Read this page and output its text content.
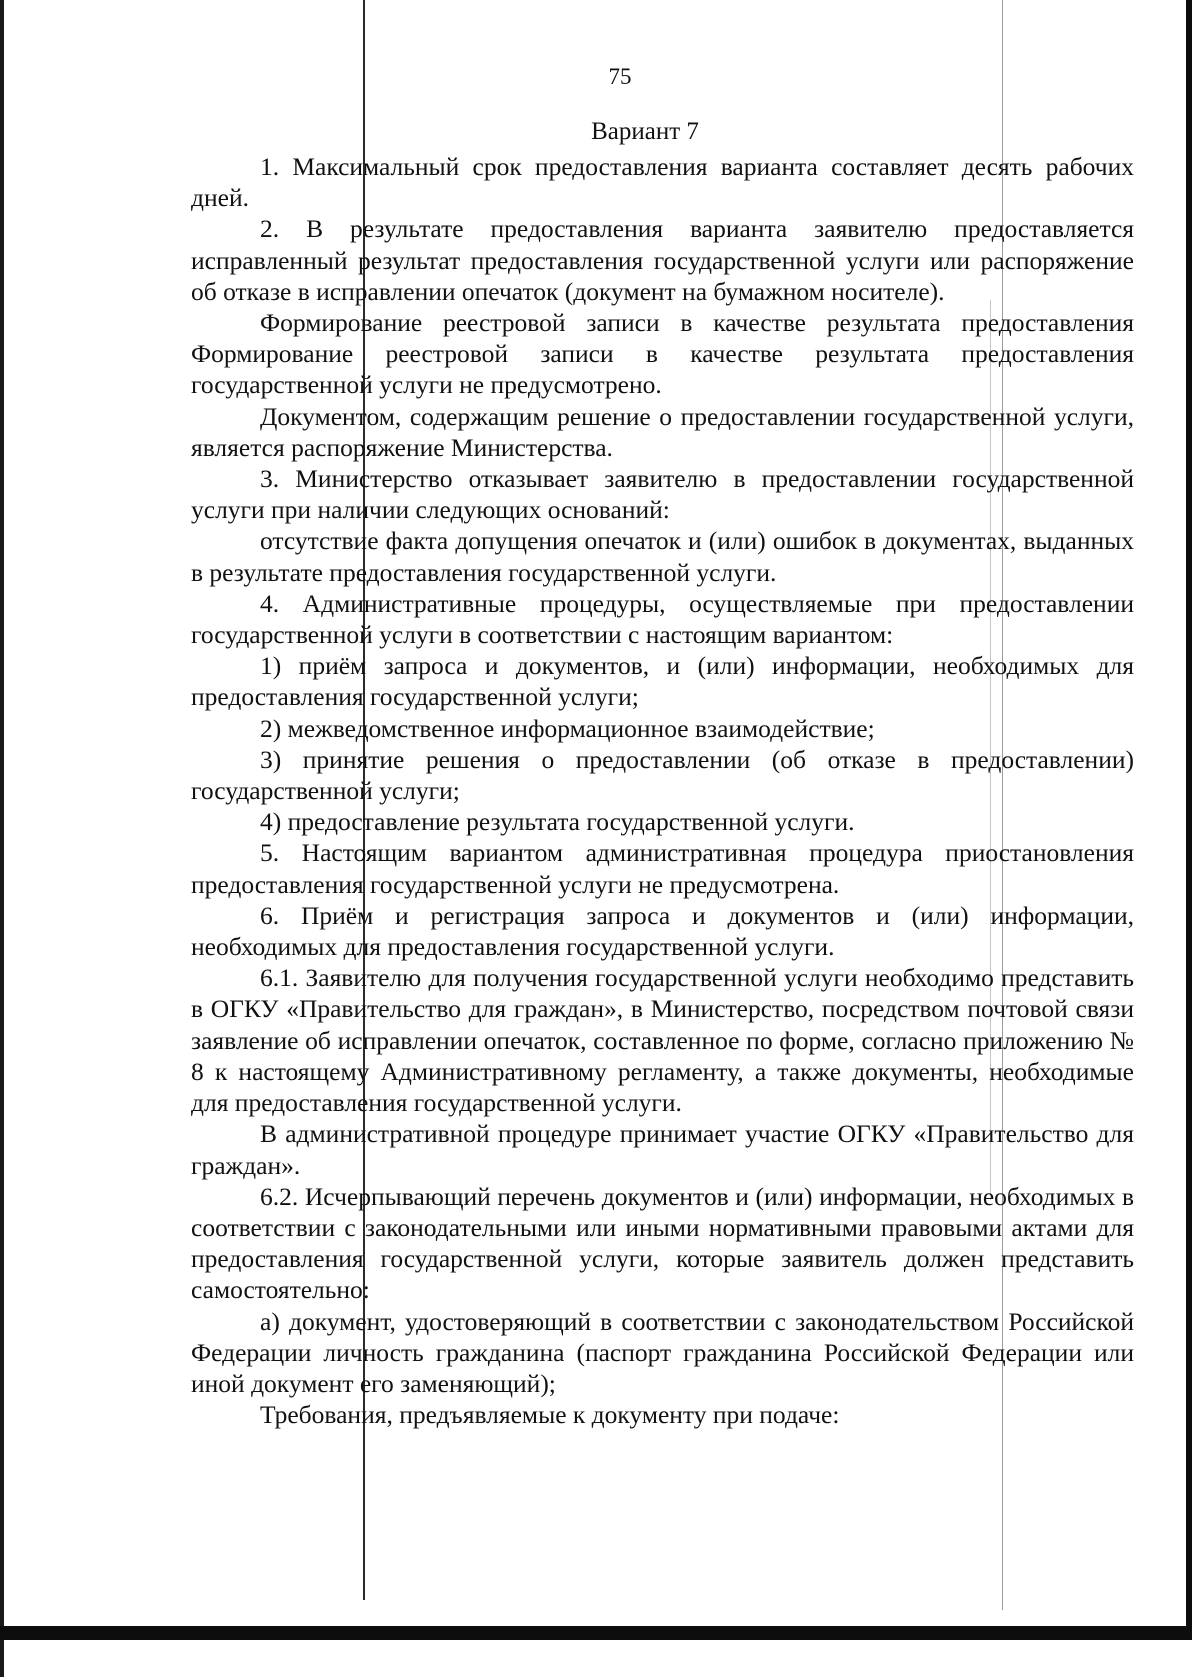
75
Вариант 7

1. Максимальный срок предоставления варианта составляет десять рабочих дней.

2. В результате предоставления варианта заявителю предоставляется исправленный результат предоставления государственной услуги или распоряжение об отказе в исправлении опечаток (документ на бумажном носителе).

Формирование реестровой записи в качестве результата предоставления Формирование реестровой записи в качестве результата предоставления государственной услуги не предусмотрено.

Документом, содержащим решение о предоставлении государственной услуги, является распоряжение Министерства.

3. Министерство отказывает заявителю в предоставлении государственной услуги при наличии следующих оснований:

отсутствие факта допущения опечаток и (или) ошибок в документах, выданных в результате предоставления государственной услуги.

4. Административные процедуры, осуществляемые при предоставлении государственной услуги в соответствии с настоящим вариантом:

1) приём запроса и документов, и (или) информации, необходимых для предоставления государственной услуги;

2) межведомственное информационное взаимодействие;

3) принятие решения о предоставлении (об отказе в предоставлении) государственной услуги;

4) предоставление результата государственной услуги.

5. Настоящим вариантом административная процедура приостановления предоставления государственной услуги не предусмотрена.

6. Приём и регистрация запроса и документов и (или) информации, необходимых для предоставления государственной услуги.

6.1. Заявителю для получения государственной услуги необходимо представить в ОГКУ «Правительство для граждан», в Министерство, посредством почтовой связи заявление об исправлении опечаток, составленное по форме, согласно приложению № 8 к настоящему Административному регламенту, а также документы, необходимые для предоставления государственной услуги.

В административной процедуре принимает участие ОГКУ «Правительство для граждан».

6.2. Исчерпывающий перечень документов и (или) информации, необходимых в соответствии с законодательными или иными нормативными правовыми актами для предоставления государственной услуги, которые заявитель должен представить самостоятельно:

а) документ, удостоверяющий в соответствии с законодательством Российской Федерации личность гражданина (паспорт гражданина Российской Федерации или иной документ его заменяющий);

Требования, предъявляемые к документу при подаче:
